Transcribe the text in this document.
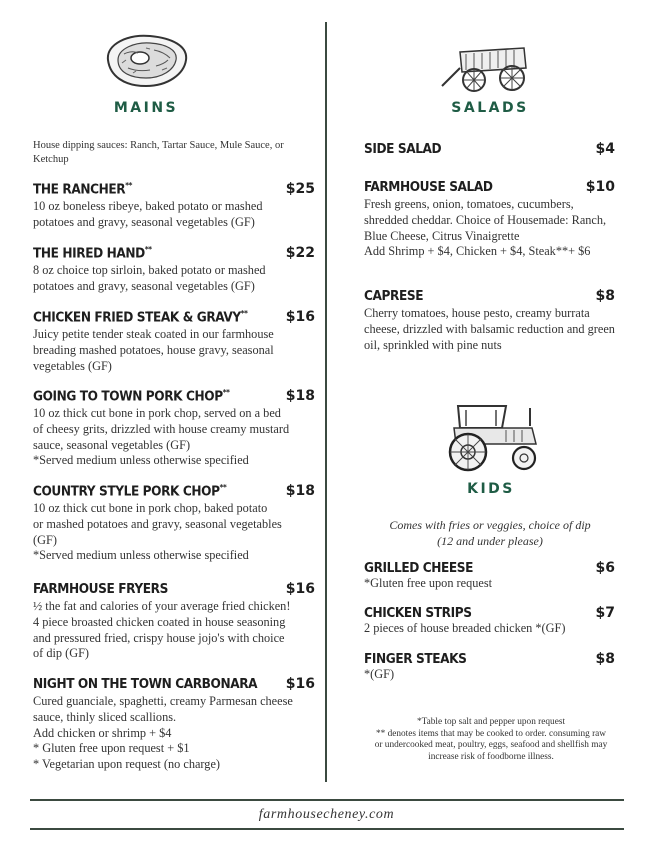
MAINS	SALADS
House dipping sauces: Ranch, Tartar Sauce, Mule Sauce, or Ketchup
THE RANCHER**	$25
10 oz boneless ribeye, baked potato or mashed
potatoes and gravy, seasonal vegetables (GF)
THE HIRED HAND**	$22
8 oz choice top sirloin, baked potato or mashed
potatoes and gravy, seasonal vegetables (GF)
CHICKEN FRIED STEAK & GRAVY**	$16
Juicy petite tender steak coated in our farmhouse
breading mashed potatoes, house gravy, seasonal
vegetables (GF)
GOING TO TOWN PORK CHOP**	$18
10 oz thick cut bone in pork chop, served on a bed
of cheesy grits, drizzled with house creamy mustard
sauce, seasonal vegetables (GF)
*Served medium unless otherwise specified
COUNTRY STYLE PORK CHOP**	$18
10 oz thick cut bone in pork chop, baked potato
or mashed potatoes and gravy, seasonal vegetables
(GF)
*Served medium unless otherwise specified
FARMHOUSE FRYERS	$16
½ the fat and calories of your average fried chicken!
4 piece broasted chicken coated in house seasoning
and pressured fried, crispy house jojo's with choice
of dip (GF)
NIGHT ON THE TOWN CARBONARA	$16
Cured guanciale, spaghetti, creamy Parmesan cheese
sauce, thinly sliced scallions.
Add chicken or shrimp + $4
* Gluten free upon request + $1
* Vegetarian upon request (no charge)
SIDE SALAD	$4
FARMHOUSE SALAD	$10
Fresh greens, onion, tomatoes, cucumbers,
shredded cheddar. Choice of Housemade: Ranch,
Blue Cheese, Citrus Vinaigrette
Add Shrimp + $4, Chicken + $4, Steak**+ $6
CAPRESE	$8
Cherry tomatoes, house pesto, creamy burrata
cheese, drizzled with balsamic reduction and green
oil, sprinkled with pine nuts
KIDS
Comes with fries or veggies, choice of dip
(12 and under please)
GRILLED CHEESE	$6
*Gluten free upon request
CHICKEN STRIPS	$7
2 pieces of house breaded chicken *(GF)
FINGER STEAKS	$8
*(GF)
*Table top salt and pepper upon request
** denotes items that may be cooked to order. consuming raw
or undercooked meat, poultry, eggs, seafood and shellfish may
increase risk of foodborne illness.
farmhousecheney.com
